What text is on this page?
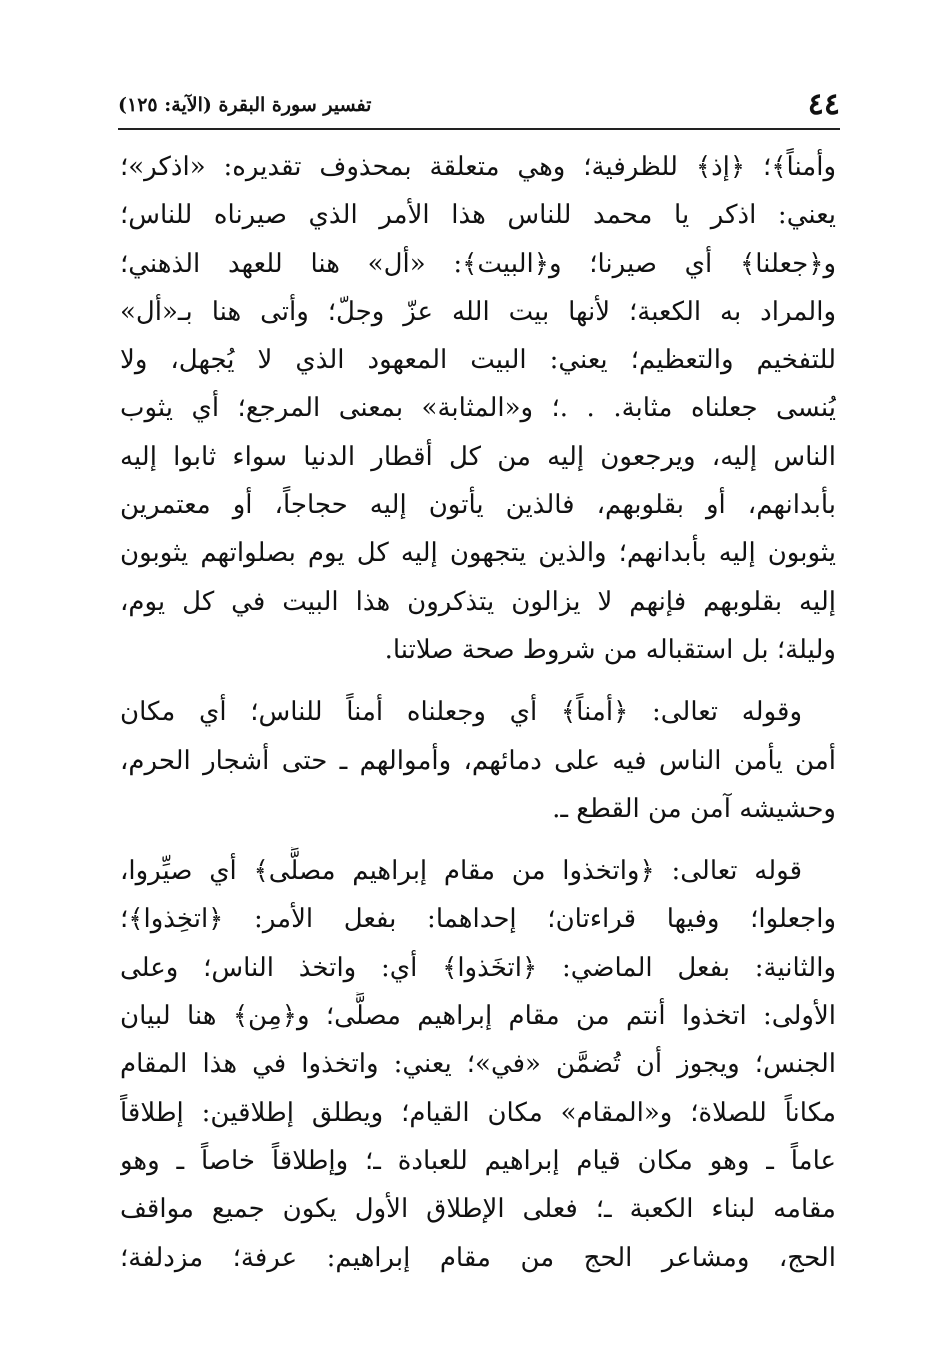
٤٤
تفسير سورة البقرة (الآية: ١٢٥)
وأمناً﴾؛ ﴿إذ﴾ للظرفية؛ وهي متعلقة بمحذوف تقديره: «اذكر»؛
يعني: اذكر يا محمد للناس هذا الأمر الذي صيرناه للناس؛
و﴿جعلنا﴾ أي صيرنا؛ و﴿البيت﴾: «أل» هنا للعهد الذهني؛
والمراد به الكعبة؛ لأنها بيت الله عزّ وجلّ؛ وأتى هنا بـ«أل»
للتفخيم والتعظيم؛ يعني: البيت المعهود الذي لا يُجهل، ولا
يُنسى جعلناه مثابة. . .؛ و«المثابة» بمعنى المرجع؛ أي يثوب
الناس إليه، ويرجعون إليه من كل أقطار الدنيا سواء ثابوا إليه
بأبدانهم، أو بقلوبهم، فالذين يأتون إليه حجاجاً، أو معتمرين
يثوبون إليه بأبدانهم؛ والذين يتجهون إليه كل يوم بصلواتهم يثوبون
إليه بقلوبهم فإنهم لا يزالون يتذكرون هذا البيت في كل يوم،
وليلة؛ بل استقباله من شروط صحة صلاتنا.
وقوله تعالى: ﴿أمناً﴾ أي وجعلناه أمناً للناس؛ أي مكان
أمن يأمن الناس فيه على دمائهم، وأموالهم ـ حتى أشجار الحرم،
وحشيشه آمن من القطع ـ.
قوله تعالى: ﴿واتخذوا من مقام إبراهيم مصلًّى﴾ أي صيِّروا،
واجعلوا؛ وفيها قراءتان؛ إحداهما: بفعل الأمر: ﴿اتخِذوا﴾؛
والثانية: بفعل الماضي: ﴿اتخَذوا﴾ أي: واتخذ الناس؛ وعلى
الأولى: اتخذوا أنتم من مقام إبراهيم مصلًّى؛ و﴿مِن﴾ هنا لبيان
الجنس؛ ويجوز أن تُضمَّن «في»؛ يعني: واتخذوا في هذا المقام
مكاناً للصلاة؛ و«المقام» مكان القيام؛ ويطلق إطلاقين: إطلاقاً
عاماً ـ وهو مكان قيام إبراهيم للعبادة ـ؛ وإطلاقاً خاصاً ـ وهو
مقامه لبناء الكعبة ـ؛ فعلى الإطلاق الأول يكون جميع مواقف
الحج، ومشاعر الحج من مقام إبراهيم: عرفة؛ مزدلفة؛
